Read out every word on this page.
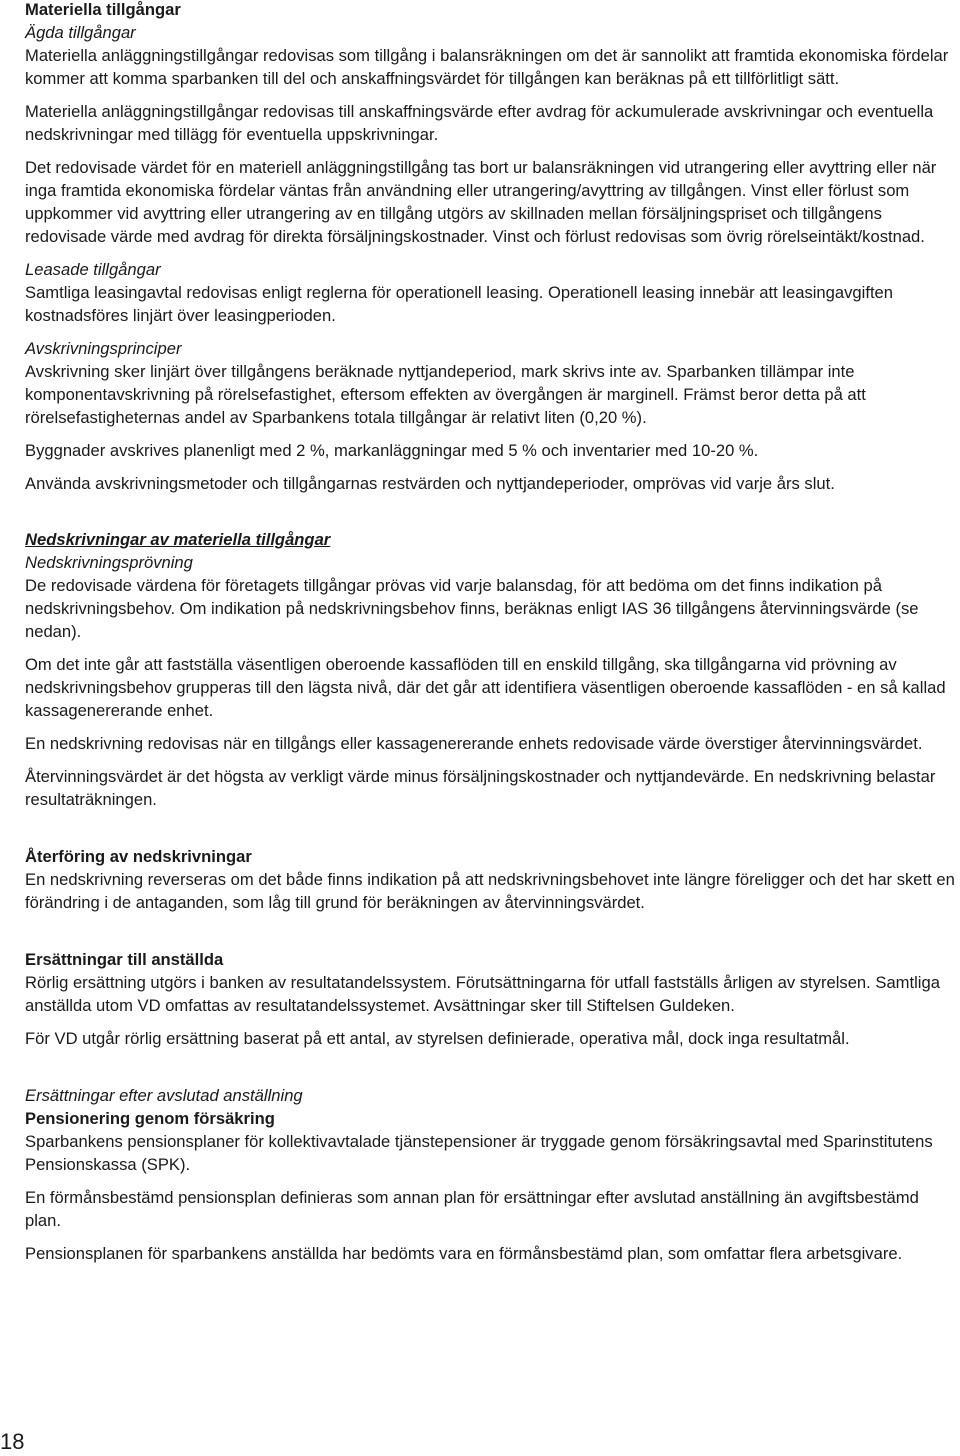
Materiella tillgångar
Ägda tillgångar

Materiella anläggningstillgångar redovisas som tillgång i balansräkningen om det är sannolikt att framtida ekonomiska fördelar kommer att komma sparbanken till del och anskaffningsvärdet för tillgången kan beräknas på ett tillförlitligt sätt.

Materiella anläggningstillgångar redovisas till anskaffningsvärde efter avdrag för ackumulerade avskrivningar och eventuella nedskrivningar med tillägg för eventuella uppskrivningar.

Det redovisade värdet för en materiell anläggningstillgång tas bort ur balansräkningen vid utrangering eller avyttring eller när inga framtida ekonomiska fördelar väntas från användning eller utrangering/avyttring av tillgången. Vinst eller förlust som uppkommer vid avyttring eller utrangering av en tillgång utgörs av skillnaden mellan försäljningspriset och tillgångens redovisade värde med avdrag för direkta försäljningskostnader. Vinst och förlust redovisas som övrig rörelseintäkt/kostnad.

Leasade tillgångar

Samtliga leasingavtal redovisas enligt reglerna för operationell leasing. Operationell leasing innebär att leasingavgiften kostnadsföres linjärt över leasingperioden.

Avskrivningsprinciper

Avskrivning sker linjärt över tillgångens beräknade nyttjandeperiod, mark skrivs inte av. Sparbanken tillämpar inte komponentavskrivning på rörelsefastighet, eftersom effekten av övergången är marginell. Främst beror detta på att rörelsefastigheternas andel av Sparbankens totala tillgångar är relativt liten (0,20 %).

Byggnader avskrives planenligt med 2 %, markanläggningar med 5 % och inventarier med 10-20 %.

Använda avskrivningsmetoder och tillgångarnas restvärden och nyttjandeperioder, omprövas vid varje års slut.

Nedskrivningar av materiella tillgångar
Nedskrivningsprövning

De redovisade värdena för företagets tillgångar prövas vid varje balansdag, för att bedöma om det finns indikation på nedskrivningsbehov. Om indikation på nedskrivningsbehov finns, beräknas enligt IAS 36 tillgångens återvinningsvärde (se nedan).

Om det inte går att fastställa väsentligen oberoende kassaflöden till en enskild tillgång, ska tillgångarna vid prövning av nedskrivningsbehov grupperas till den lägsta nivå, där det går att identifiera väsentligen oberoende kassaflöden - en så kallad kassagenererande enhet.

En nedskrivning redovisas när en tillgångs eller kassagenererande enhets redovisade värde överstiger återvinningsvärdet.

Återvinningsvärdet är det högsta av verkligt värde minus försäljningskostnader och nyttjandevärde. En nedskrivning belastar resultaträkningen.

Återföring av nedskrivningar

En nedskrivning reverseras om det både finns indikation på att nedskrivningsbehovet inte längre föreligger och det har skett en förändring i de antaganden, som låg till grund för beräkningen av återvinningsvärdet.

Ersättningar till anställda

Rörlig ersättning utgörs i banken av resultatandelssystem. Förutsättningarna för utfall fastställs årligen av styrelsen. Samtliga anställda utom VD omfattas av resultatandelssystemet. Avsättningar sker till Stiftelsen Guldeken.

För VD utgår rörlig ersättning baserat på ett antal, av styrelsen definierade, operativa mål, dock inga resultatmål.

Ersättningar efter avslutad anställning
Pensionering genom försäkring

Sparbankens pensionsplaner för kollektivavtalade tjänstepensioner är tryggade genom försäkringsavtal med Sparinstitutens Pensionskassa (SPK).

En förmånsbestämd pensionsplan definieras som annan plan för ersättningar efter avslutad anställning än avgiftsbestämd plan.

Pensionsplanen för sparbankens anställda har bedömts vara en förmånsbestämd plan, som omfattar flera arbetsgivare.

18
